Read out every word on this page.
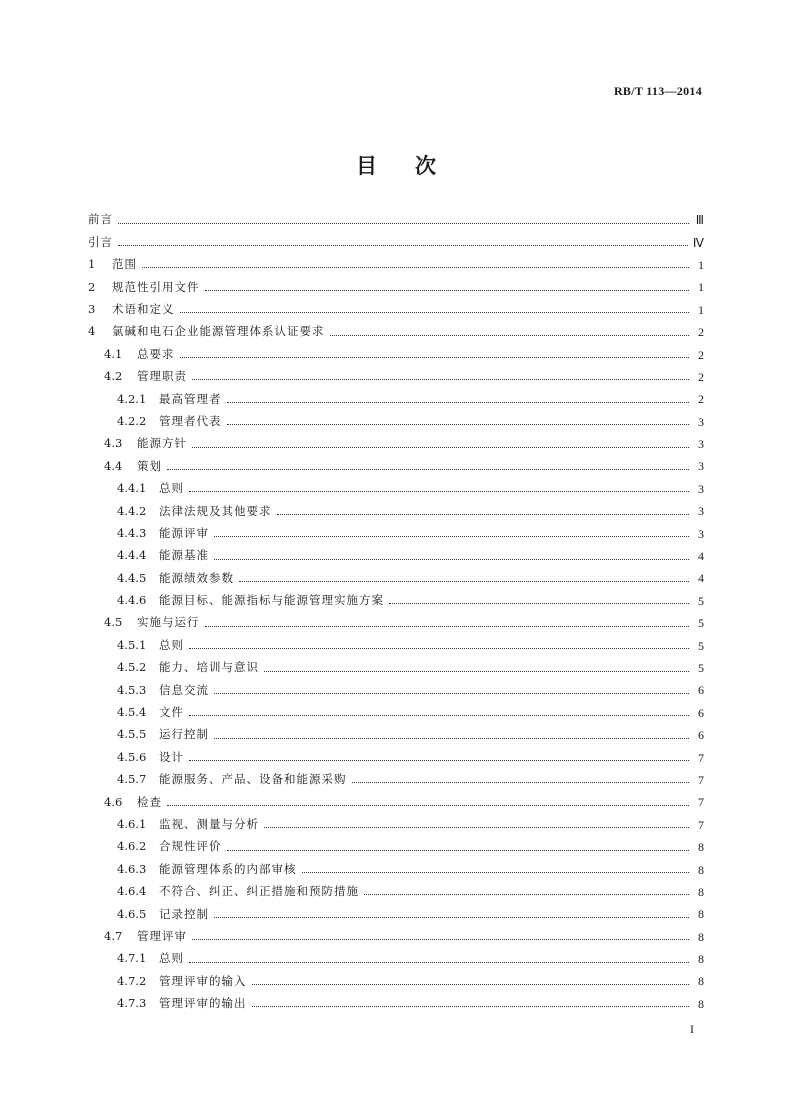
RB/T 113—2014
目次
前言	Ⅲ
引言	Ⅳ
1	范围	1
2	规范性引用文件	1
3	术语和定义	1
4	氯碱和电石企业能源管理体系认证要求	2
4.1	总要求	2
4.2	管理职责	2
4.2.1	最高管理者	2
4.2.2	管理者代表	3
4.3	能源方针	3
4.4	策划	3
4.4.1	总则	3
4.4.2	法律法规及其他要求	3
4.4.3	能源评审	3
4.4.4	能源基准	4
4.4.5	能源绩效参数	4
4.4.6	能源目标、能源指标与能源管理实施方案	5
4.5	实施与运行	5
4.5.1	总则	5
4.5.2	能力、培训与意识	5
4.5.3	信息交流	6
4.5.4	文件	6
4.5.5	运行控制	6
4.5.6	设计	7
4.5.7	能源服务、产品、设备和能源采购	7
4.6	检查	7
4.6.1	监视、测量与分析	7
4.6.2	合规性评价	8
4.6.3	能源管理体系的内部审核	8
4.6.4	不符合、纠正、纠正措施和预防措施	8
4.6.5	记录控制	8
4.7	管理评审	8
4.7.1	总则	8
4.7.2	管理评审的输入	8
4.7.3	管理评审的输出	8
I
